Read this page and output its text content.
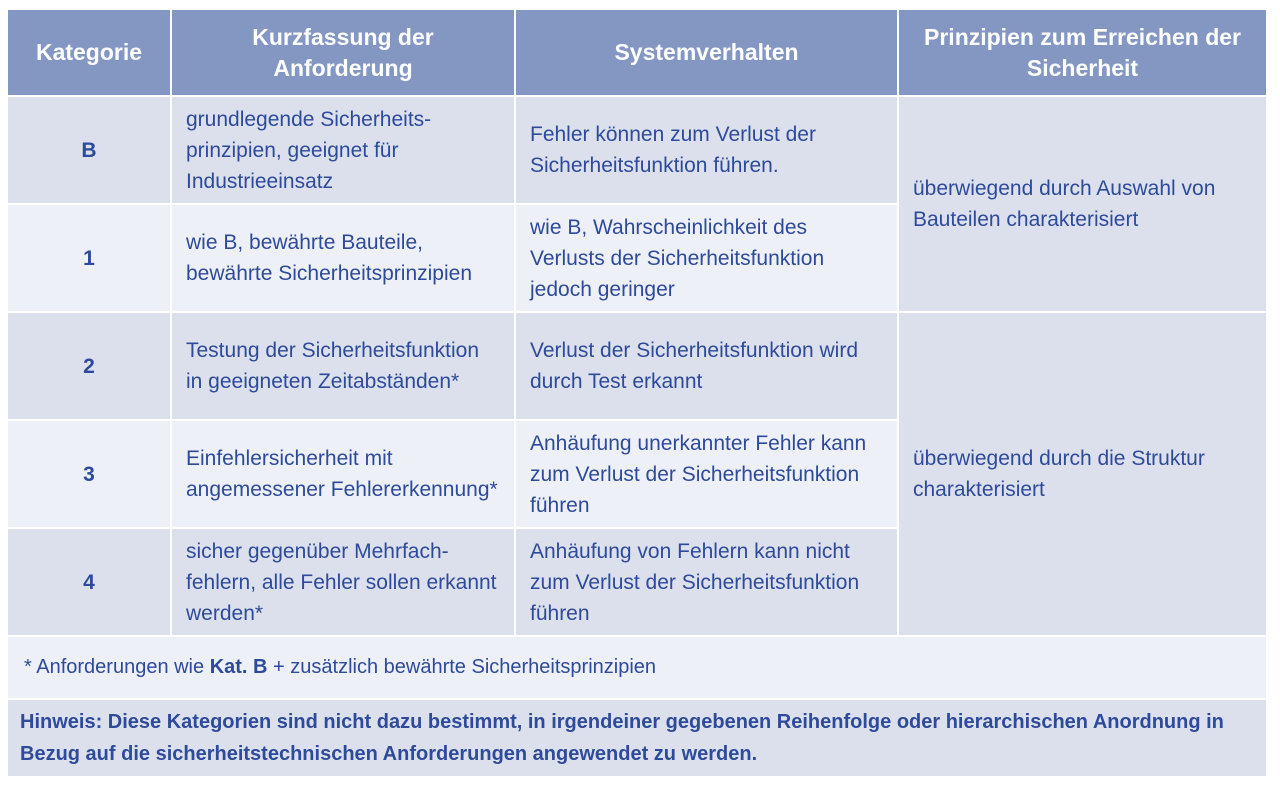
Kategorie	Kurzfassung der Anforderung	Systemverhalten	Prinzipien zum Erreichen der Sicherheit
B	grundlegende Sicherheits-prinzipien, geeignet für Industrieeinsatz	Fehler können zum Verlust der Sicherheitsfunktion führen.	überwiegend durch Auswahl von Bauteilen charakterisiert
1	wie B, bewährte Bauteile, bewährte Sicherheitsprinzipien	wie B, Wahrscheinlichkeit des Verlusts der Sicherheitsfunktion jedoch geringer	
2	Testung der Sicherheitsfunktion in geeigneten Zeitabständen*	Verlust der Sicherheitsfunktion wird durch Test erkannt	überwiegend durch die Struktur charakterisiert
3	Einfehlersicherheit mit angemessener Fehlererkennung*	Anhäufung unerkannter Fehler kann zum Verlust der Sicherheitsfunktion führen	
4	sicher gegenüber Mehrfach-fehlern, alle Fehler sollen erkannt werden*	Anhäufung von Fehlern kann nicht zum Verlust der Sicherheitsfunktion führen	
* Anforderungen wie Kat. B + zusätzlich bewährte Sicherheitsprinzipien
Hinweis: Diese Kategorien sind nicht dazu bestimmt, in irgendeiner gegebenen Reihenfolge oder hierarchischen Anordnung in Bezug auf die sicherheitstechnischen Anforderungen angewendet zu werden.
